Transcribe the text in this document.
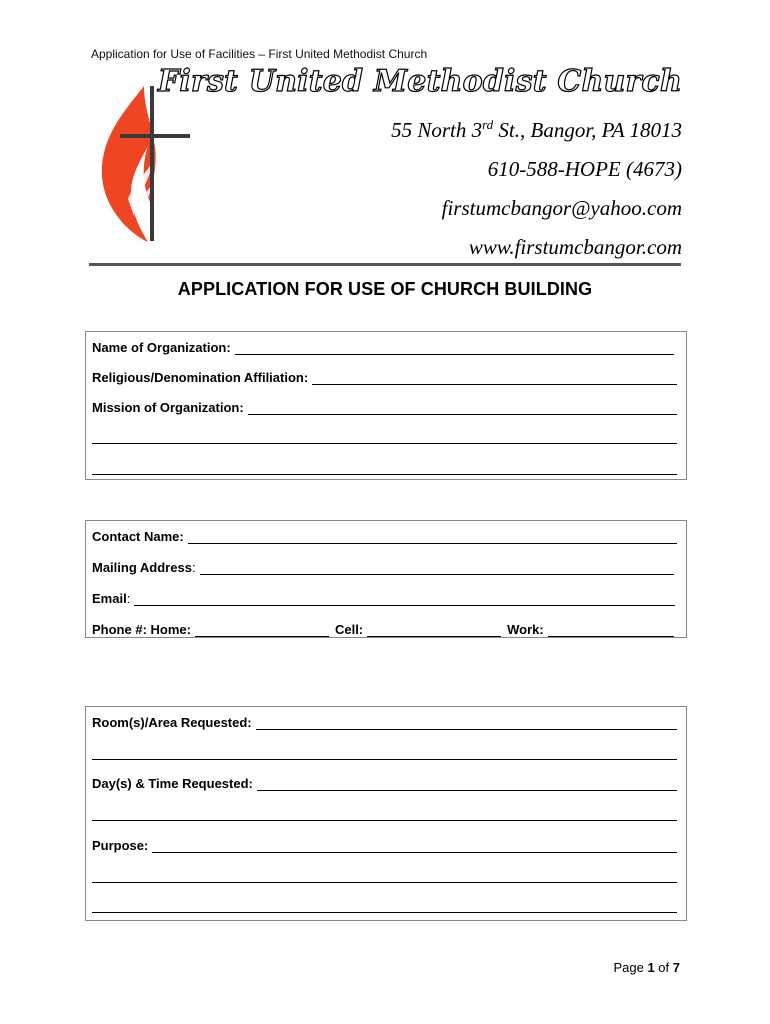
Application for Use of Facilities – First United Methodist Church
First United Methodist Church
55 North 3rd St., Bangor, PA 18013
610-588-HOPE (4673)
firstumcbangor@yahoo.com
www.firstumcbangor.com
APPLICATION FOR USE OF CHURCH BUILDING
Name of Organization:
Religious/Denomination Affiliation:
Mission of Organization:
Contact Name:
Mailing Address:
Email:
Phone #: Home:	Cell:	Work:
Room(s)/Area Requested:
Day(s) & Time Requested:
Purpose:
Page 1 of 7
